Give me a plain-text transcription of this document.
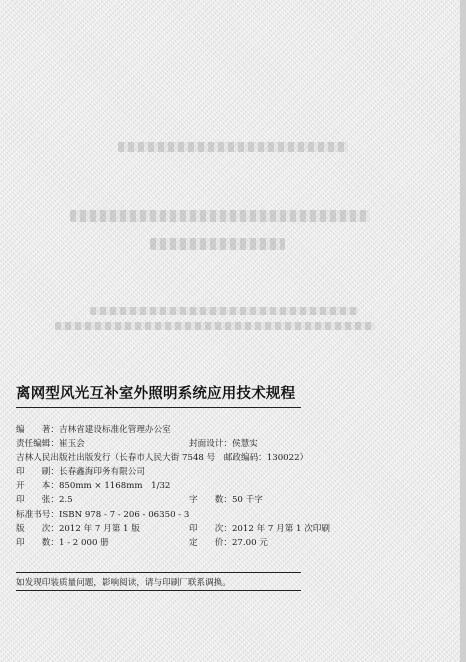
离网型风光互补室外照明系统应用技术规程
编　　著：吉林省建设标准化管理办公室
责任编辑：崔玉会	封面设计：侯慧实
吉林人民出版社出版发行（长春市人民大街 7548 号　邮政编码：130022）
印　　刷：长春鑫海印务有限公司
开　　本：850mm × 1168mm　1/32
印　　张：2.5	字　　数：50 千字
标准书号：ISBN 978 - 7 - 206 - 06350 - 3
版　　次：2012 年 7 月第 1 版	印　　次：2012 年 7 月第 1 次印刷
印　　数：1 - 2 000 册	定　　价：27.00 元
如发现印装质量问题，影响阅读，请与印刷厂联系调换。
